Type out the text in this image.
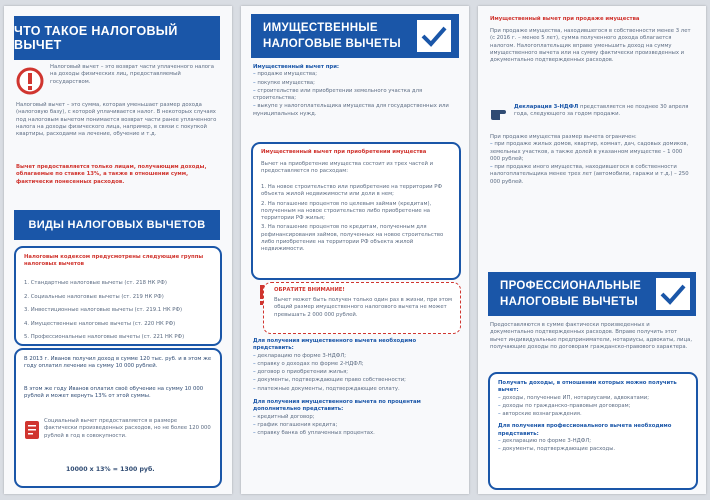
ЧТО ТАКОЕ НАЛОГОВЫЙ ВЫЧЕТ
Налоговый вычет – это возврат части уплаченного налога на доходы физических лиц, предоставляемый государством.
Налоговый вычет – это сумма, которая уменьшает размер дохода (налоговую базу), с которой уплачивается налог. В некоторых случаях под налоговым вычетом понимается возврат части ранее уплаченного налога на доходы физического лица, например, в связи с покупкой квартиры, расходами на лечение, обучение и т.д.
Вычет предоставляется только лицам, получающим доходы, облагаемые по ставке 13%, а также в отношении сумм, фактически понесенных расходов.
ВИДЫ НАЛОГОВЫХ ВЫЧЕТОВ
Налоговым кодексом предусмотрены следующие группы налоговых вычетов
1. Стандартные налоговые вычеты (ст. 218 НК РФ)
2. Социальные налоговые вычеты (ст. 219 НК РФ)
3. Инвестиционные налоговые вычеты (ст. 219.1 НК РФ)
4. Имущественные налоговые вычеты (ст. 220 НК РФ)
5. Профессиональные налоговые вычеты (ст. 221 НК РФ)
В 2013 г. Иванов получил доход в сумме 120 тыс. руб. и в этом же году оплатил лечение на сумму 10 000 рублей.
В этом же году Иванов оплатил своё обучение на сумму 10 000 рублей и может вернуть 13% от этой суммы.
Социальный вычет предоставляется в размере фактически произведенных расходов, но не более 120 000 рублей в год в совокупности.
10000 x 13% = 1300 руб.
ИМУЩЕСТВЕННЫЕ
НАЛОГОВЫЕ ВЫЧЕТЫ
Имущественный вычет при:
– продаже имущества;
– покупке имущества;
– строительстве или приобретении земельного участка для строительства;
– выкупе у налогоплательщика имущества для государственных или муниципальных нужд.
Имущественный вычет при приобретении имущества
Вычет на приобретение имущества состоит из трех частей и предоставляется по расходам:

1. На новое строительство или приобретение на территории РФ объекта жилой недвижимости или доли в нем;

2. На погашение процентов по целевым займам (кредитам), полученным на новое строительство либо приобретение на территории РФ жилья;

3. На погашение процентов по кредитам, полученным для рефинансирования займов, полученных на новое строительство либо приобретение на территории РФ объекта жилой недвижимости.

ОБРАТИТЕ ВНИМАНИЕ!
Вычет может быть получен только один раз в жизни, при этом общий размер имущественного налогового вычета не может превышать 2 000 000 рублей.
Для получения имущественного вычета необходимо представить:
– декларацию по форме 3-НДФЛ;
– справку о доходах по форме 2-НДФЛ;
– договор о приобретении жилья;
– документы, подтверждающие право собственности;
– платежные документы, подтверждающие оплату.
Для получения имущественного вычета по процентам дополнительно представить:
– кредитный договор;
– график погашения кредита;
– справку банка об уплаченных процентах.
Имущественный вычет при продаже имущества
При продаже имущества, находившегося в собственности менее 3 лет (с 2016 г. – менее 5 лет), сумма полученного дохода облагается налогом. Налогоплательщик вправе уменьшить доход на сумму имущественного вычета или на сумму фактически произведенных и документально подтвержденных расходов.
Декларация 3-НДФЛ представляется не позднее 30 апреля года, следующего за годом продажи.
При продаже имущества размер вычета ограничен:
– при продаже жилых домов, квартир, комнат, дач, садовых домиков, земельных участков, а также долей в указанном имуществе – 1 000 000 рублей;
– при продаже иного имущества, находившегося в собственности налогоплательщика менее трех лет (автомобили, гаражи и т.д.) – 250 000 рублей.
ПРОФЕССИОНАЛЬНЫЕ
НАЛОГОВЫЕ ВЫЧЕТЫ
Предоставляются в сумме фактически произведенных и документально подтвержденных расходов. Вправе получить этот вычет индивидуальные предприниматели, нотариусы, адвокаты, лица, получающие доходы по договорам гражданско-правового характера.
Получать доходы, в отношении которых можно получить вычет:
– доходы, полученные ИП, нотариусами, адвокатами;
– доходы по гражданско-правовым договорам;
– авторские вознаграждения.
Для получения профессионального вычета необходимо представить:
– декларацию по форме 3-НДФЛ;
– документы, подтверждающие расходы.
